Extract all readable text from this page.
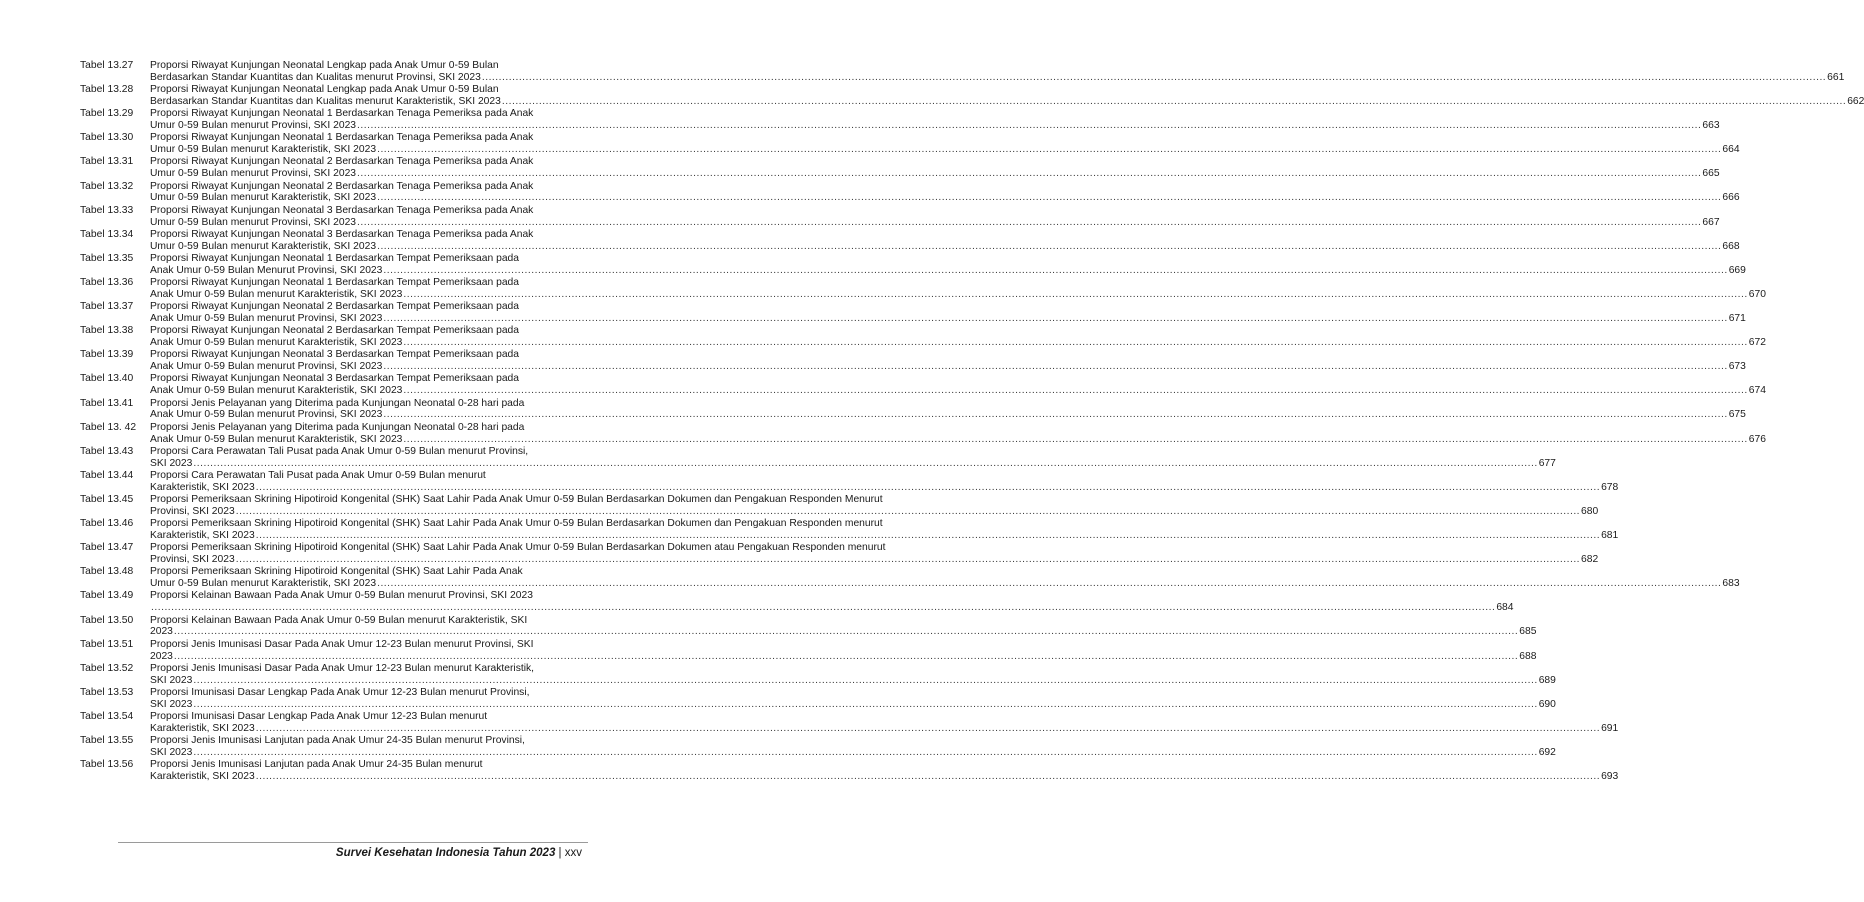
Tabel 13.27	Proporsi Riwayat Kunjungan Neonatal Lengkap pada Anak Umur 0-59 Bulan
Berdasarkan Standar Kuantitas dan Kualitas menurut Provinsi, SKI 2023 ................................................................................................................................................................................................................................................................................................................................................................................................................ 661
Tabel 13.28	Proporsi Riwayat Kunjungan Neonatal Lengkap pada Anak Umur 0-59 Bulan
Berdasarkan Standar Kuantitas dan Kualitas menurut Karakteristik, SKI 2023 ................................................................................................................................................................................................................................................................................................................................................................................................................ 662
Tabel 13.29	Proporsi Riwayat Kunjungan Neonatal 1 Berdasarkan Tenaga Pemeriksa pada Anak
Umur 0-59 Bulan menurut Provinsi, SKI 2023 ................................................................................................................................................................................................................................................................................................................................................................................................................ 663
Tabel 13.30	Proporsi Riwayat Kunjungan Neonatal 1 Berdasarkan Tenaga Pemeriksa pada Anak
Umur 0-59 Bulan menurut Karakteristik, SKI 2023 ................................................................................................................................................................................................................................................................................................................................................................................................................ 664
Tabel 13.31	Proporsi Riwayat Kunjungan Neonatal 2 Berdasarkan Tenaga Pemeriksa pada Anak
Umur 0-59 Bulan menurut Provinsi, SKI 2023 ................................................................................................................................................................................................................................................................................................................................................................................................................ 665
Tabel 13.32	Proporsi Riwayat Kunjungan Neonatal 2 Berdasarkan Tenaga Pemeriksa pada Anak
Umur 0-59 Bulan menurut Karakteristik, SKI 2023 ................................................................................................................................................................................................................................................................................................................................................................................................................ 666
Tabel 13.33	Proporsi Riwayat Kunjungan Neonatal 3 Berdasarkan Tenaga Pemeriksa pada Anak
Umur 0-59 Bulan menurut Provinsi, SKI 2023 ................................................................................................................................................................................................................................................................................................................................................................................................................ 667
Tabel 13.34	Proporsi Riwayat Kunjungan Neonatal 3 Berdasarkan Tenaga Pemeriksa pada Anak
Umur 0-59 Bulan menurut Karakteristik, SKI 2023 ................................................................................................................................................................................................................................................................................................................................................................................................................ 668
Tabel 13.35	Proporsi Riwayat Kunjungan Neonatal 1 Berdasarkan Tempat Pemeriksaan pada
Anak Umur 0-59 Bulan Menurut Provinsi, SKI 2023 ................................................................................................................................................................................................................................................................................................................................................................................................................ 669
Tabel 13.36	Proporsi Riwayat Kunjungan Neonatal 1 Berdasarkan Tempat Pemeriksaan pada
Anak Umur 0-59 Bulan menurut Karakteristik, SKI 2023 ................................................................................................................................................................................................................................................................................................................................................................................................................ 670
Tabel 13.37	Proporsi Riwayat Kunjungan Neonatal 2 Berdasarkan Tempat Pemeriksaan pada
Anak Umur 0-59 Bulan menurut Provinsi, SKI 2023 ................................................................................................................................................................................................................................................................................................................................................................................................................ 671
Tabel 13.38	Proporsi Riwayat Kunjungan Neonatal 2 Berdasarkan Tempat Pemeriksaan pada
Anak Umur 0-59 Bulan menurut Karakteristik, SKI 2023 ................................................................................................................................................................................................................................................................................................................................................................................................................ 672
Tabel 13.39	Proporsi Riwayat Kunjungan Neonatal 3 Berdasarkan Tempat Pemeriksaan pada
Anak Umur 0-59 Bulan menurut Provinsi, SKI 2023 ................................................................................................................................................................................................................................................................................................................................................................................................................ 673
Tabel 13.40	Proporsi Riwayat Kunjungan Neonatal 3 Berdasarkan Tempat Pemeriksaan pada
Anak Umur 0-59 Bulan menurut Karakteristik, SKI 2023 ................................................................................................................................................................................................................................................................................................................................................................................................................ 674
Tabel 13.41	Proporsi Jenis Pelayanan yang Diterima pada Kunjungan Neonatal 0-28 hari pada
Anak Umur 0-59 Bulan menurut Provinsi, SKI 2023 ................................................................................................................................................................................................................................................................................................................................................................................................................ 675
Tabel 13. 42	Proporsi Jenis Pelayanan yang Diterima pada Kunjungan Neonatal 0-28 hari pada
Anak Umur 0-59 Bulan menurut Karakteristik, SKI 2023 ................................................................................................................................................................................................................................................................................................................................................................................................................ 676
Tabel 13.43	Proporsi Cara Perawatan Tali Pusat pada Anak Umur 0-59 Bulan menurut Provinsi,
SKI 2023 ................................................................................................................................................................................................................................................................................................................................................................................................................ 677
Tabel 13.44	Proporsi Cara Perawatan Tali Pusat pada Anak Umur 0-59 Bulan menurut
Karakteristik, SKI 2023 ................................................................................................................................................................................................................................................................................................................................................................................................................ 678
Tabel 13.45	Proporsi Pemeriksaan Skrining Hipotiroid Kongenital (SHK) Saat Lahir Pada Anak Umur 0-59 Bulan Berdasarkan Dokumen dan Pengakuan Responden Menurut
Provinsi, SKI 2023 ................................................................................................................................................................................................................................................................................................................................................................................................................ 680
Tabel 13.46	Proporsi Pemeriksaan Skrining Hipotiroid Kongenital (SHK) Saat Lahir Pada Anak Umur 0-59 Bulan Berdasarkan Dokumen dan Pengakuan Responden menurut
Karakteristik, SKI 2023 ................................................................................................................................................................................................................................................................................................................................................................................................................ 681
Tabel 13.47	Proporsi Pemeriksaan Skrining Hipotiroid Kongenital (SHK) Saat Lahir Pada Anak Umur 0-59 Bulan Berdasarkan Dokumen atau Pengakuan Responden menurut
Provinsi, SKI 2023 ................................................................................................................................................................................................................................................................................................................................................................................................................ 682
Tabel 13.48	Proporsi Pemeriksaan Skrining Hipotiroid Kongenital (SHK) Saat Lahir Pada Anak
Umur 0-59 Bulan menurut Karakteristik, SKI 2023 ................................................................................................................................................................................................................................................................................................................................................................................................................ 683
Tabel 13.49	Proporsi Kelainan Bawaan Pada Anak Umur 0-59 Bulan menurut Provinsi, SKI 2023
................................................................................................................................................................................................................................................................................................................................................................................................................ 684
Tabel 13.50	Proporsi Kelainan Bawaan Pada Anak Umur 0-59 Bulan menurut Karakteristik, SKI
2023 ................................................................................................................................................................................................................................................................................................................................................................................................................ 685
Tabel 13.51	Proporsi Jenis Imunisasi Dasar Pada Anak Umur 12-23 Bulan menurut Provinsi, SKI
2023 ................................................................................................................................................................................................................................................................................................................................................................................................................ 688
Tabel 13.52	Proporsi Jenis Imunisasi Dasar Pada Anak Umur 12-23 Bulan menurut Karakteristik,
SKI 2023 ................................................................................................................................................................................................................................................................................................................................................................................................................ 689
Tabel 13.53	Proporsi Imunisasi Dasar Lengkap Pada Anak Umur 12-23 Bulan menurut Provinsi,
SKI 2023 ................................................................................................................................................................................................................................................................................................................................................................................................................ 690
Tabel 13.54	Proporsi Imunisasi Dasar Lengkap Pada Anak Umur 12-23 Bulan menurut
Karakteristik, SKI 2023 ................................................................................................................................................................................................................................................................................................................................................................................................................ 691
Tabel 13.55	Proporsi Jenis Imunisasi Lanjutan pada Anak Umur 24-35 Bulan menurut Provinsi,
SKI 2023 ................................................................................................................................................................................................................................................................................................................................................................................................................ 692
Tabel 13.56	Proporsi Jenis Imunisasi Lanjutan pada Anak Umur 24-35 Bulan menurut
Karakteristik, SKI 2023 ................................................................................................................................................................................................................................................................................................................................................................................................................ 693
Survei Kesehatan Indonesia Tahun 2023 | xxv
